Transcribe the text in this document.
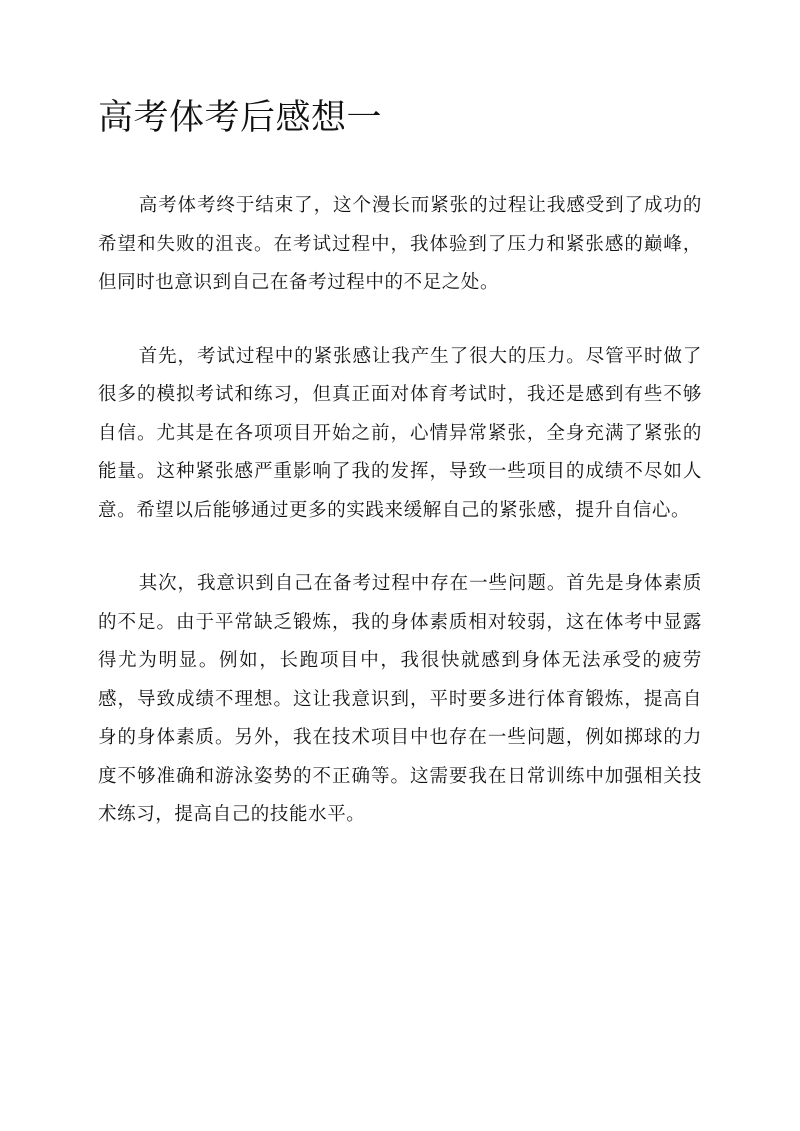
高考体考后感想一

高考体考终于结束了，这个漫长而紧张的过程让我感受到了成功的希望和失败的沮丧。在考试过程中，我体验到了压力和紧张感的巅峰，但同时也意识到自己在备考过程中的不足之处。

首先，考试过程中的紧张感让我产生了很大的压力。尽管平时做了很多的模拟考试和练习，但真正面对体育考试时，我还是感到有些不够自信。尤其是在各项项目开始之前，心情异常紧张，全身充满了紧张的能量。这种紧张感严重影响了我的发挥，导致一些项目的成绩不尽如人意。希望以后能够通过更多的实践来缓解自己的紧张感，提升自信心。

其次，我意识到自己在备考过程中存在一些问题。首先是身体素质的不足。由于平常缺乏锻炼，我的身体素质相对较弱，这在体考中显露得尤为明显。例如，长跑项目中，我很快就感到身体无法承受的疲劳感，导致成绩不理想。这让我意识到，平时要多进行体育锻炼，提高自身的身体素质。另外，我在技术项目中也存在一些问题，例如掷球的力度不够准确和游泳姿势的不正确等。这需要我在日常训练中加强相关技术练习，提高自己的技能水平。
